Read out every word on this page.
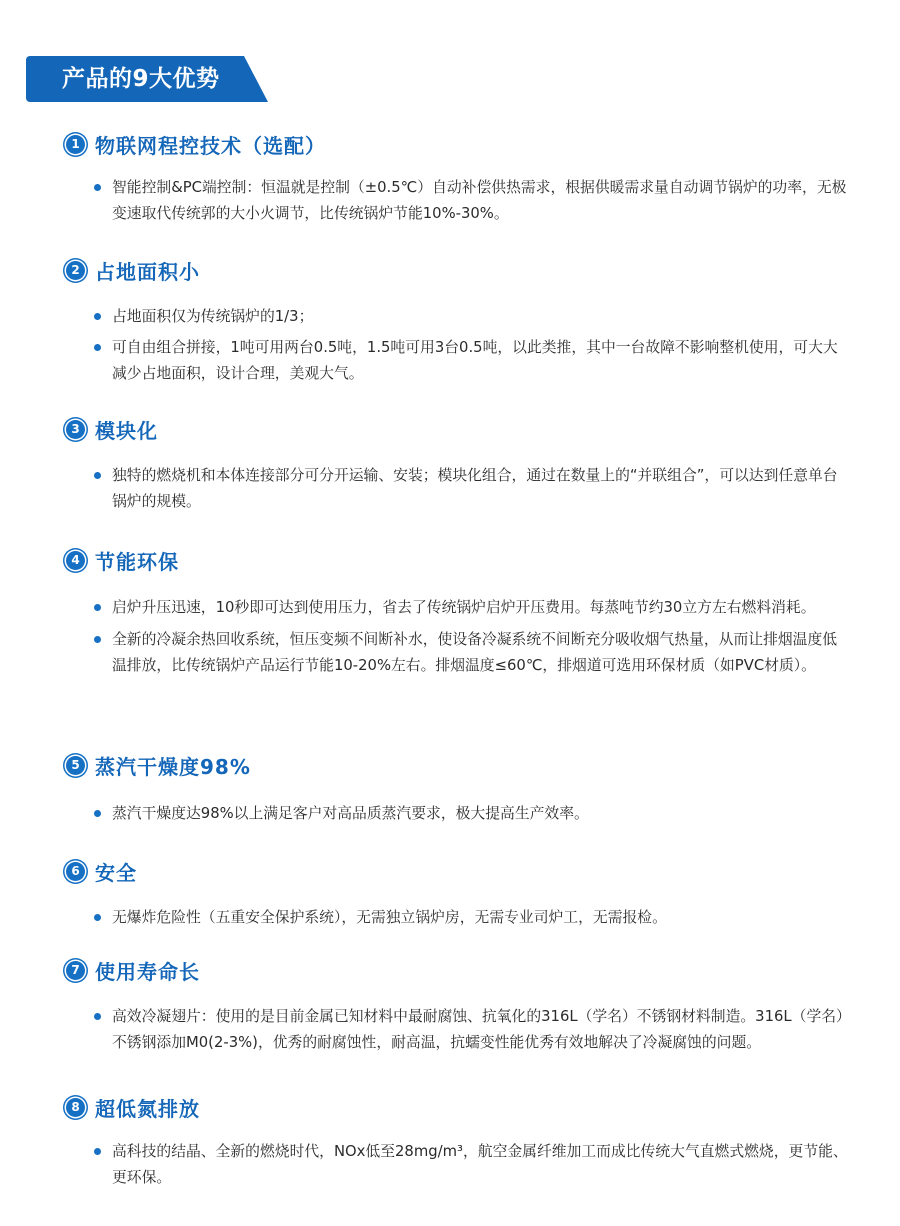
产品的9大优势
1 物联网程控技术（选配）
智能控制&PC端控制：恒温就是控制（±0.5℃）自动补偿供热需求，根据供暖需求量自动调节锅炉的功率，无极变速取代传统郭的大小火调节，比传统锅炉节能10%-30%。
2 占地面积小
占地面积仅为传统锅炉的1/3；
可自由组合拼接，1吨可用两台0.5吨，1.5吨可用3台0.5吨，以此类推，其中一台故障不影响整机使用，可大大减少占地面积，设计合理，美观大气。
3 模块化
独特的燃烧机和本体连接部分可分开运输、安装；模块化组合，通过在数量上的“并联组合”，可以达到任意单台锅炉的规模。
4 节能环保
启炉升压迅速，10秒即可达到使用压力，省去了传统锅炉启炉开压费用。每蒸吨节约30立方左右燃料消耗。
全新的冷凝余热回收系统，恒压变频不间断补水，使设备冷凝系统不间断充分吸收烟气热量，从而让排烟温度低温排放，比传统锅炉产品运行节能10-20%左右。排烟温度≤60℃，排烟道可选用环保材质（如PVC材质）。
5 蒸汽干燥度98%
蒸汽干燥度达98%以上满足客户对高品质蒸汽要求，极大提高生产效率。
6 安全
无爆炸危险性（五重安全保护系统），无需独立锅炉房，无需专业司炉工，无需报检。
7 使用寿命长
高效冷凝翅片：使用的是目前金属已知材料中最耐腐蚀、抗氧化的316L（学名）不锈钢材料制造。316L（学名）不锈钢添加M0(2-3%)，优秀的耐腐蚀性，耐高温，抗蠕变性能优秀有效地解决了冷凝腐蚀的问题。
8 超低氮排放
高科技的结晶、全新的燃烧时代，NOx低至28mg/m³，航空金属纤维加工而成比传统大气直燃式燃烧，更节能、更环保。
